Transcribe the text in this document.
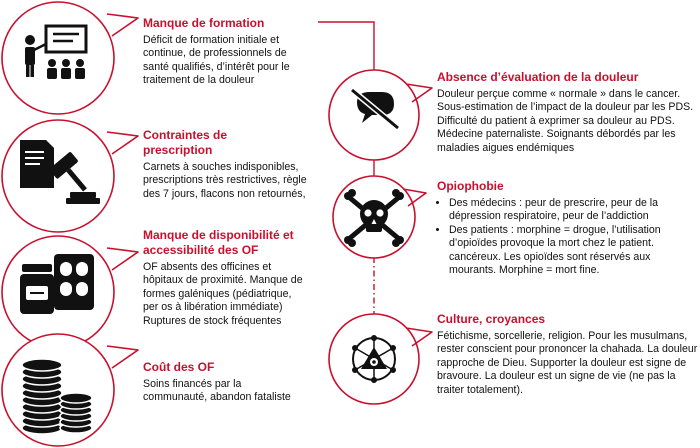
Manque de formation
Déficit de formation initiale et continue, de professionnels de santé qualifiés, d’intérêt pour le traitement de la douleur
Contraintes de prescription
Carnets à souches indisponibles, prescriptions très restrictives, règle des 7 jours, flacons non retournés,
Manque de disponibilité et accessibilité des OF
OF absents des officines et hôpitaux de proximité. Manque de formes galéniques (pédiatrique, per os à libération immédiate) Ruptures de stock fréquentes
Coût des OF
Soins financés par la communauté, abandon fataliste
Absence d’évaluation de la douleur
Douleur perçue comme « normale » dans le cancer. Sous-estimation de l’impact de la douleur par les PDS. Difficulté du patient à exprimer sa douleur au PDS. Médecine paternaliste. Soignants débordés par les maladies aigues endémiques
Opiophobie
• Des médecins : peur de prescrire, peur de la dépression respiratoire, peur de l’addiction
• Des patients : morphine = drogue, l’utilisation d’opioïdes provoque la mort chez le patient. cancéreux. Les opioïdes sont réservés aux mourants. Morphine = mort fine.
Culture, croyances
Fétichisme, sorcellerie, religion. Pour les musulmans, rester conscient pour prononcer la chahada. La douleur rapproche de Dieu. Supporter la douleur est signe de bravoure. La douleur est un signe de vie (ne pas la traiter totalement).
